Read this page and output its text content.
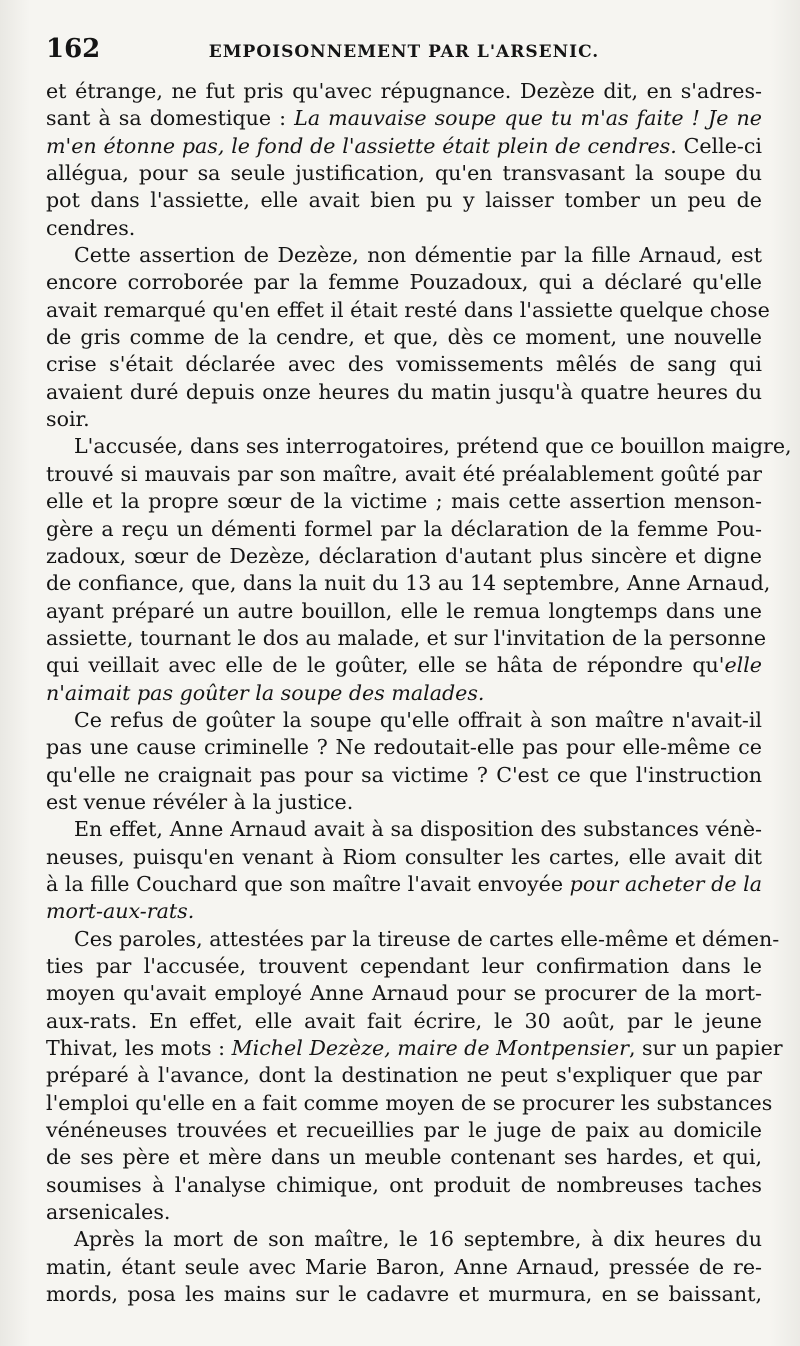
162	EMPOISONNEMENT PAR L'ARSENIC.
et étrange, ne fut pris qu'avec répugnance. Dezèze dit, en s'adres-
sant à sa domestique : La mauvaise soupe que tu m'as faite ! Je ne
m'en étonne pas, le fond de l'assiette était plein de cendres. Celle-ci
allégua, pour sa seule justification, qu'en transvasant la soupe du
pot dans l'assiette, elle avait bien pu y laisser tomber un peu de
cendres.
Cette assertion de Dezèze, non démentie par la fille Arnaud, est
encore corroborée par la femme Pouzadoux, qui a déclaré qu'elle
avait remarqué qu'en effet il était resté dans l'assiette quelque chose
de gris comme de la cendre, et que, dès ce moment, une nouvelle
crise s'était déclarée avec des vomissements mêlés de sang qui
avaient duré depuis onze heures du matin jusqu'à quatre heures du
soir.
L'accusée, dans ses interrogatoires, prétend que ce bouillon maigre,
trouvé si mauvais par son maître, avait été préalablement goûté par
elle et la propre sœur de la victime ; mais cette assertion menson-
gère a reçu un démenti formel par la déclaration de la femme Pou-
zadoux, sœur de Dezèze, déclaration d'autant plus sincère et digne
de confiance, que, dans la nuit du 13 au 14 septembre, Anne Arnaud,
ayant préparé un autre bouillon, elle le remua longtemps dans une
assiette, tournant le dos au malade, et sur l'invitation de la personne
qui veillait avec elle de le goûter, elle se hâta de répondre qu'elle
n'aimait pas goûter la soupe des malades.
Ce refus de goûter la soupe qu'elle offrait à son maître n'avait-il
pas une cause criminelle ? Ne redoutait-elle pas pour elle-même ce
qu'elle ne craignait pas pour sa victime ? C'est ce que l'instruction
est venue révéler à la justice.
En effet, Anne Arnaud avait à sa disposition des substances vénè-
neuses, puisqu'en venant à Riom consulter les cartes, elle avait dit
à la fille Couchard que son maître l'avait envoyée pour acheter de la
mort-aux-rats.
Ces paroles, attestées par la tireuse de cartes elle-même et démen-
ties par l'accusée, trouvent cependant leur confirmation dans le
moyen qu'avait employé Anne Arnaud pour se procurer de la mort-
aux-rats. En effet, elle avait fait écrire, le 30 août, par le jeune
Thivat, les mots : Michel Dezèze, maire de Montpensier, sur un papier
préparé à l'avance, dont la destination ne peut s'expliquer que par
l'emploi qu'elle en a fait comme moyen de se procurer les substances
vénéneuses trouvées et recueillies par le juge de paix au domicile
de ses père et mère dans un meuble contenant ses hardes, et qui,
soumises à l'analyse chimique, ont produit de nombreuses taches
arsenicales.
Après la mort de son maître, le 16 septembre, à dix heures du
matin, étant seule avec Marie Baron, Anne Arnaud, pressée de re-
mords, posa les mains sur le cadavre et murmura, en se baissant,
